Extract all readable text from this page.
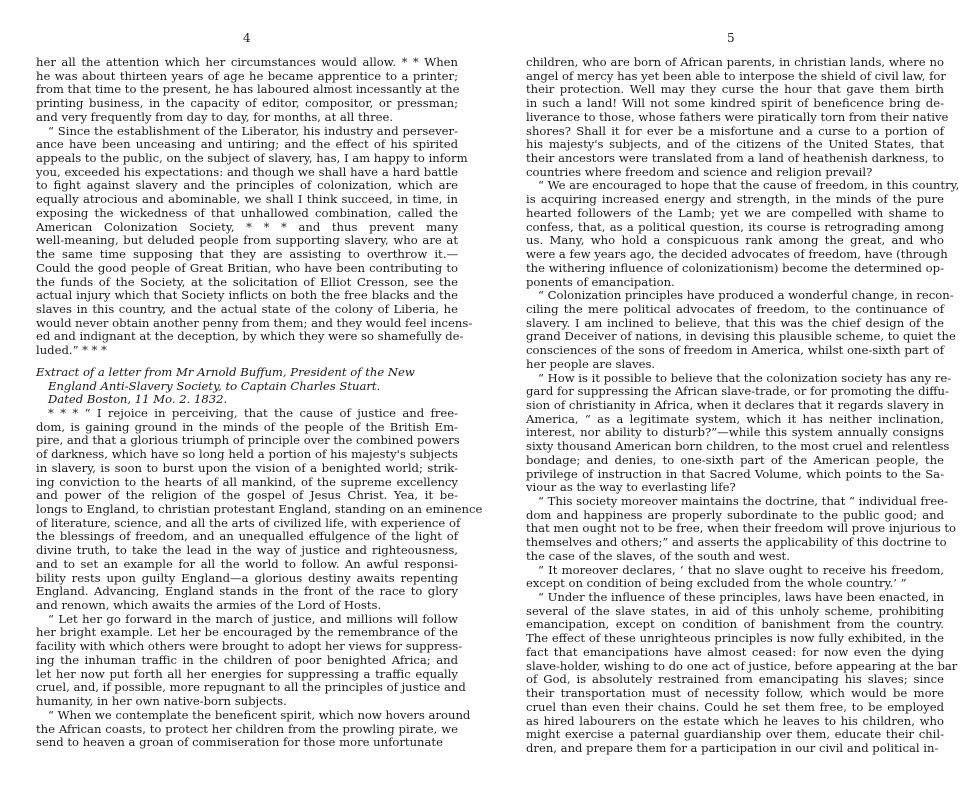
4
her all the attention which her circumstances would allow. * * When
he was about thirteen years of age he became apprentice to a printer;
from that time to the present, he has laboured almost incessantly at the
printing business, in the capacity of editor, compositor, or pressman;
and very frequently from day to day, for months, at all three.
“ Since the establishment of the Liberator, his industry and persever-
ance have been unceasing and untiring; and the effect of his spirited
appeals to the public, on the subject of slavery, has, I am happy to inform
you, exceeded his expectations: and though we shall have a hard battle
to fight against slavery and the principles of colonization, which are
equally atrocious and abominable, we shall I think succeed, in time, in
exposing the wickedness of that unhallowed combination, called the
American Colonization Society, * * * and thus prevent many
well-meaning, but deluded people from supporting slavery, who are at
the same time supposing that they are assisting to overthrow it.—
Could the good people of Great Britian, who have been contributing to
the funds of the Society, at the solicitation of Elliot Cresson, see the
actual injury which that Society inflicts on both the free blacks and the
slaves in this country, and the actual state of the colony of Liberia, he
would never obtain another penny from them; and they would feel incens-
ed and indignant at the deception, by which they were so shamefully de-
luded.” * * *
Extract of a letter from Mr Arnold Buffum, President of the New
England Anti-Slavery Society, to Captain Charles Stuart.
Dated Boston, 11 Mo. 2. 1832.
* * * “ I rejoice in perceiving, that the cause of justice and free-
dom, is gaining ground in the minds of the people of the British Em-
pire, and that a glorious triumph of principle over the combined powers
of darkness, which have so long held a portion of his majesty's subjects
in slavery, is soon to burst upon the vision of a benighted world; strik-
ing conviction to the hearts of all mankind, of the supreme excellency
and power of the religion of the gospel of Jesus Christ. Yea, it be-
longs to England, to christian protestant England, standing on an eminence
of literature, science, and all the arts of civilized life, with experience of
the blessings of freedom, and an unequalled effulgence of the light of
divine truth, to take the lead in the way of justice and righteousness,
and to set an example for all the world to follow. An awful responsi-
bility rests upon guilty England—a glorious destiny awaits repenting
England. Advancing, England stands in the front of the race to glory
and renown, which awaits the armies of the Lord of Hosts.
“ Let her go forward in the march of justice, and millions will follow
her bright example. Let her be encouraged by the remembrance of the
facility with which others were brought to adopt her views for suppress-
ing the inhuman traffic in the children of poor benighted Africa; and
let her now put forth all her energies for suppressing a traffic equally
cruel, and, if possible, more repugnant to all the principles of justice and
humanity, in her own native-born subjects.
“ When we contemplate the beneficent spirit, which now hovers around
the African coasts, to protect her children from the prowling pirate, we
send to heaven a groan of commiseration for those more unfortunate
5
children, who are born of African parents, in christian lands, where no
angel of mercy has yet been able to interpose the shield of civil law, for
their protection. Well may they curse the hour that gave them birth
in such a land! Will not some kindred spirit of beneficence bring de-
liverance to those, whose fathers were piratically torn from their native
shores? Shall it for ever be a misfortune and a curse to a portion of
his majesty's subjects, and of the citizens of the United States, that
their ancestors were translated from a land of heathenish darkness, to
countries where freedom and science and religion prevail?
“ We are encouraged to hope that the cause of freedom, in this country,
is acquiring increased energy and strength, in the minds of the pure
hearted followers of the Lamb; yet we are compelled with shame to
confess, that, as a political question, its course is retrograding among
us. Many, who hold a conspicuous rank among the great, and who
were a few years ago, the decided advocates of freedom, have (through
the withering influence of colonizationism) become the determined op-
ponents of emancipation.
“ Colonization principles have produced a wonderful change, in recon-
ciling the mere political advocates of freedom, to the continuance of
slavery. I am inclined to believe, that this was the chief design of the
grand Deceiver of nations, in devising this plausible scheme, to quiet the
consciences of the sons of freedom in America, whilst one-sixth part of
her people are slaves.
“ How is it possible to believe that the colonization society has any re-
gard for suppressing the African slave-trade, or for promoting the diffu-
sion of christianity in Africa, when it declares that it regards slavery in
America, “ as a legitimate system, which it has neither inclination,
interest, nor ability to disturb?”—while this system annually consigns
sixty thousand American born children, to the most cruel and relentless
bondage; and denies, to one-sixth part of the American people, the
privilege of instruction in that Sacred Volume, which points to the Sa-
viour as the way to everlasting life?
“ This society moreover maintains the doctrine, that “ individual free-
dom and happiness are properly subordinate to the public good; and
that men ought not to be free, when their freedom will prove injurious to
themselves and others;” and asserts the applicability of this doctrine to
the case of the slaves, of the south and west.
“ It moreover declares, ‘ that no slave ought to receive his freedom,
except on condition of being excluded from the whole country.’ ”
“ Under the influence of these principles, laws have been enacted, in
several of the slave states, in aid of this unholy scheme, prohibiting
emancipation, except on condition of banishment from the country.
The effect of these unrighteous principles is now fully exhibited, in the
fact that emancipations have almost ceased: for now even the dying
slave-holder, wishing to do one act of justice, before appearing at the bar
of God, is absolutely restrained from emancipating his slaves; since
their transportation must of necessity follow, which would be more
cruel than even their chains. Could he set them free, to be employed
as hired labourers on the estate which he leaves to his children, who
might exercise a paternal guardianship over them, educate their chil-
dren, and prepare them for a participation in our civil and political in-
